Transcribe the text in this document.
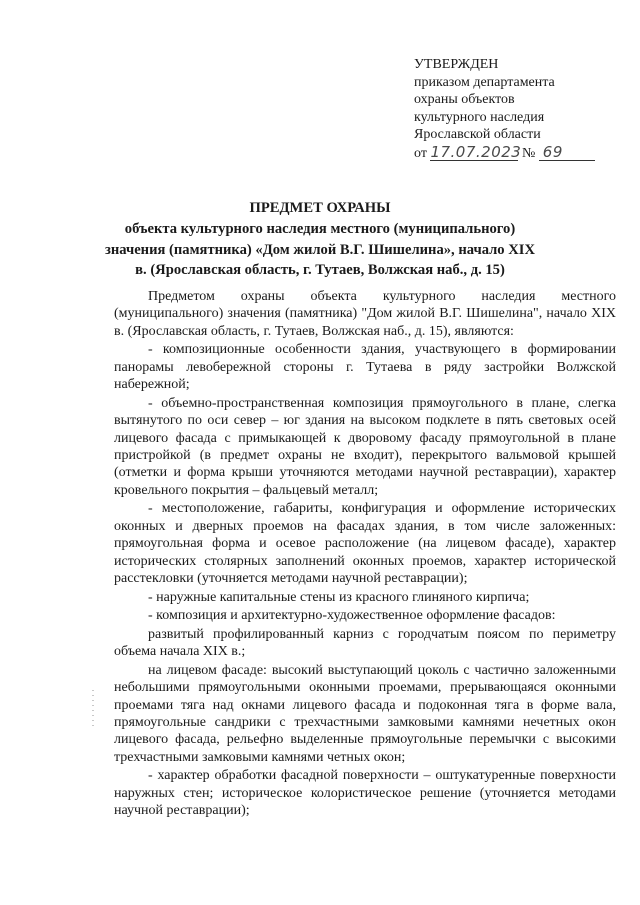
УТВЕРЖДЕН
приказом департамента
охраны объектов
культурного наследия
Ярославской области
от 17.07.2023 № 69
ПРЕДМЕТ ОХРАНЫ
объекта культурного наследия местного (муниципального) значения (памятника) «Дом жилой В.Г. Шишелина», начало XIX в. (Ярославская область, г. Тутаев, Волжская наб., д. 15)

Предметом охраны объекта культурного наследия местного (муниципального) значения (памятника) "Дом жилой В.Г. Шишелина", начало XIX в. (Ярославская область, г. Тутаев, Волжская наб., д. 15), являются:

- композиционные особенности здания, участвующего в формировании панорамы левобережной стороны г. Тутаева в ряду застройки Волжской набережной;

- объемно-пространственная композиция прямоугольного в плане, слегка вытянутого по оси север – юг здания на высоком подклете в пять световых осей лицевого фасада с примыкающей к дворовому фасаду прямоугольной в плане пристройкой (в предмет охраны не входит), перекрытого вальмовой крышей (отметки и форма крыши уточняются методами научной реставрации), характер кровельного покрытия – фальцевый металл;

- местоположение, габариты, конфигурация и оформление исторических оконных и дверных проемов на фасадах здания, в том числе заложенных: прямоугольная форма и осевое расположение (на лицевом фасаде), характер исторических столярных заполнений оконных проемов, характер исторической расстекловки (уточняется методами научной реставрации);

- наружные капитальные стены из красного глиняного кирпича;

- композиция и архитектурно-художественное оформление фасадов:

развитый профилированный карниз с городчатым поясом по периметру объема начала XIX в.;

на лицевом фасаде: высокий выступающий цоколь с частично заложенными небольшими прямоугольными оконными проемами, прерывающаяся оконными проемами тяга над окнами лицевого фасада и подоконная тяга в форме вала, прямоугольные сандрики с трехчастными замковыми камнями нечетных окон лицевого фасада, рельефно выделенные прямоугольные перемычки с высокими трехчастными замковыми камнями четных окон;

- характер обработки фасадной поверхности – оштукатуренные поверхности наружных стен; историческое колористическое решение (уточняется методами научной реставрации);
